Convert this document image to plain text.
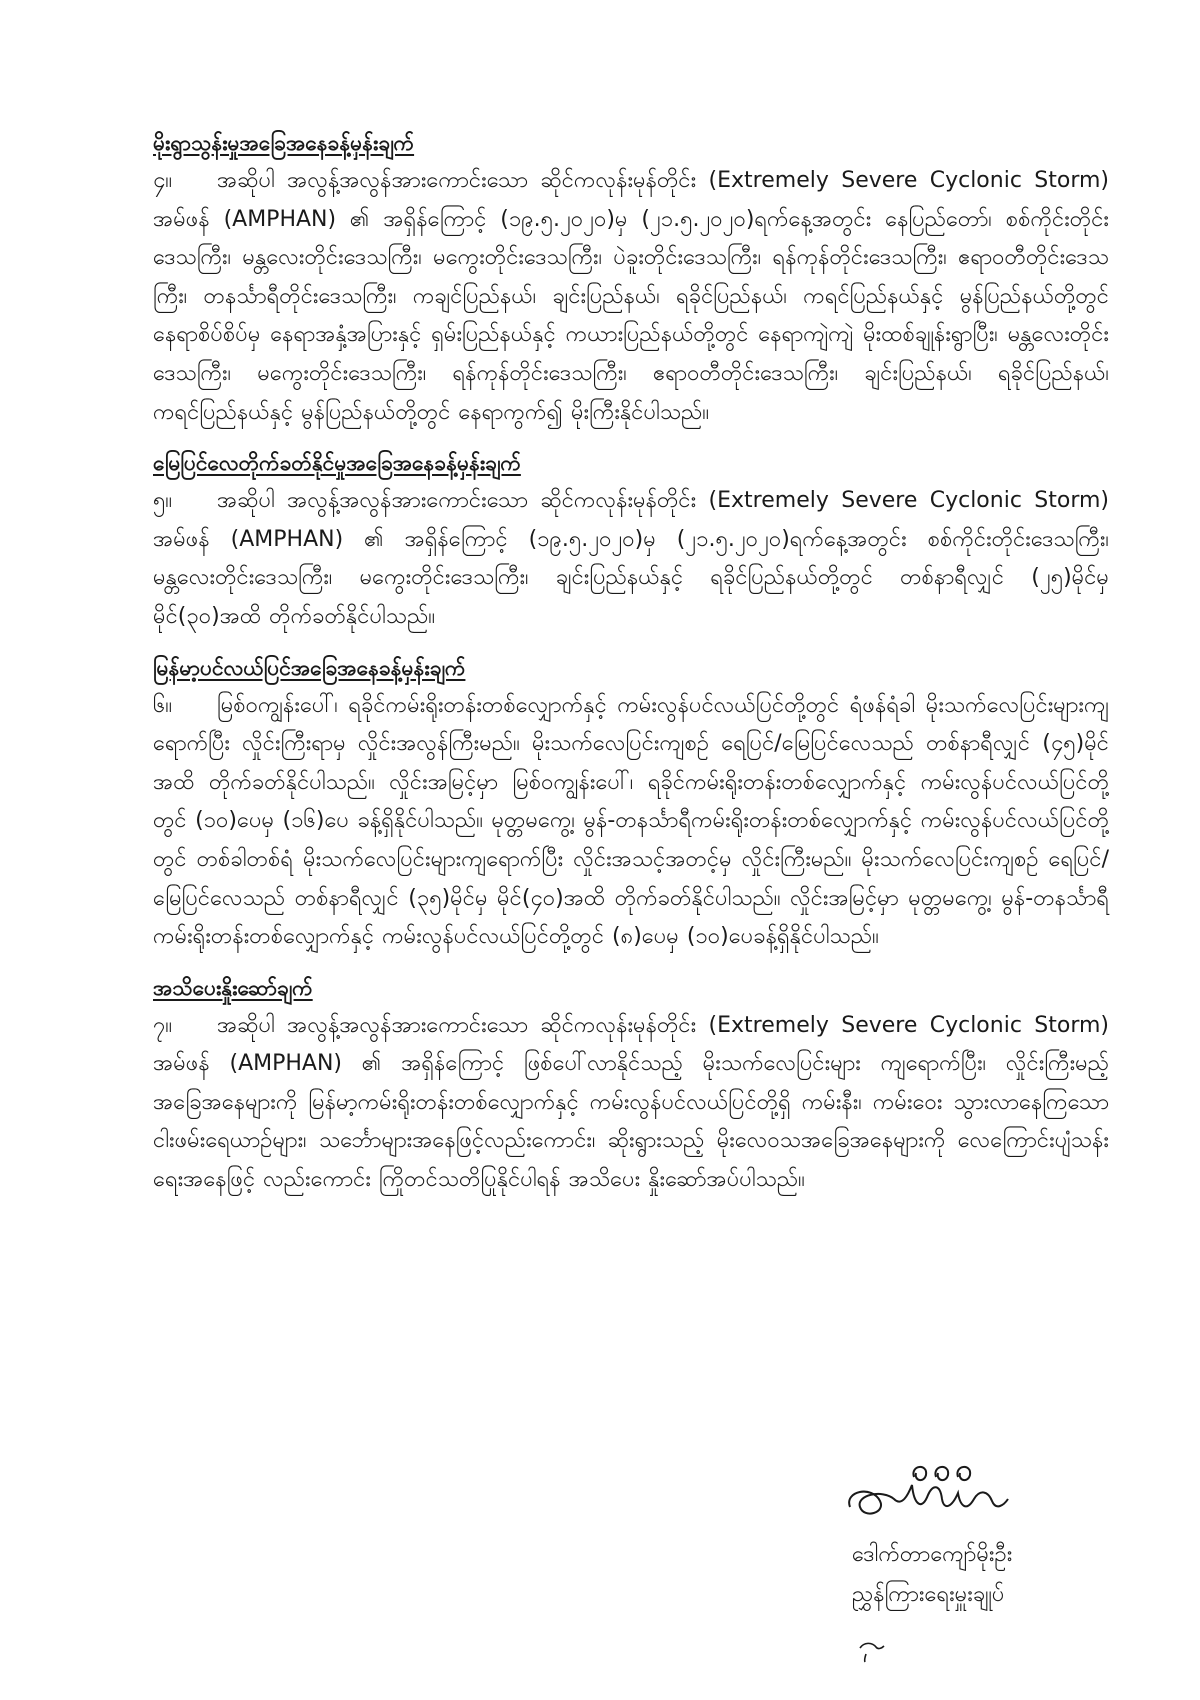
မိုးရွာသွန်းမှုအခြေအနေခန့်မှန်းချက်

၄။ အဆိုပါ အလွန့်အလွန်အားကောင်းသော ဆိုင်ကလုန်းမုန်တိုင်း (Extremely Severe Cyclonic Storm) အမ်ဖန် (AMPHAN) ၏ အရှိန်ကြောင့် (၁၉.၅.၂၀၂၀)မှ (၂၁.၅.၂၀၂၀)ရက်နေ့အတွင်း နေပြည်တော်၊ စစ်ကိုင်းတိုင်းဒေသကြီး၊ မန္တလေးတိုင်းဒေသကြီး၊ မကွေးတိုင်းဒေသကြီး၊ ပဲခူးတိုင်းဒေသကြီး၊ ရန်ကုန်တိုင်းဒေသကြီး၊ ဧရာဝတီတိုင်းဒေသကြီး၊ တနင်္သာရီတိုင်းဒေသကြီး၊ ကချင်ပြည်နယ်၊ ချင်းပြည်နယ်၊ ရခိုင်ပြည်နယ်၊ ကရင်ပြည်နယ်နှင့် မွန်ပြည်နယ်တို့တွင် နေရာစိပ်စိပ်မှ နေရာအနှံ့အပြားနှင့် ရှမ်းပြည်နယ်နှင့် ကယားပြည်နယ်တို့တွင် နေရာကျဲကျဲ မိုးထစ်ချုန်းရွာပြီး၊ မန္တလေးတိုင်းဒေသကြီး၊ မကွေးတိုင်းဒေသကြီး၊ ရန်ကုန်တိုင်းဒေသကြီး၊ ဧရာဝတီတိုင်းဒေသကြီး၊ ချင်းပြည်နယ်၊ ရခိုင်ပြည်နယ်၊ ကရင်ပြည်နယ်နှင့် မွန်ပြည်နယ်တို့တွင် နေရာကွက်၍ မိုးကြီးနိုင်ပါသည်။

မြေပြင်လေတိုက်ခတ်နိုင်မှုအခြေအနေခန့်မှန်းချက်

၅။ အဆိုပါ အလွန့်အလွန်အားကောင်းသော ဆိုင်ကလုန်းမုန်တိုင်း (Extremely Severe Cyclonic Storm) အမ်ဖန် (AMPHAN) ၏ အရှိန်ကြောင့် (၁၉.၅.၂၀၂၀)မှ (၂၁.၅.၂၀၂၀)ရက်နေ့အတွင်း စစ်ကိုင်းတိုင်းဒေသကြီး၊ မန္တလေးတိုင်းဒေသကြီး၊ မကွေးတိုင်းဒေသကြီး၊ ချင်းပြည်နယ်နှင့် ရခိုင်ပြည်နယ်တို့တွင် တစ်နာရီလျှင် (၂၅)မိုင်မှ မိုင်(၃၀)အထိ တိုက်ခတ်နိုင်ပါသည်။

မြန်မာ့ပင်လယ်ပြင်အခြေအနေခန့်မှန်းချက်

၆။ မြစ်ဝကျွန်းပေါ်၊ ရခိုင်ကမ်းရိုးတန်းတစ်လျှောက်နှင့် ကမ်းလွန်ပင်လယ်ပြင်တို့တွင် ရံဖန်ရံခါ မိုးသက်လေပြင်းများကျရောက်ပြီး လှိုင်းကြီးရာမှ လှိုင်းအလွန်ကြီးမည်။ မိုးသက်လေပြင်းကျစဉ် ရေပြင်/မြေပြင်လေသည် တစ်နာရီလျှင် (၄၅)မိုင်အထိ တိုက်ခတ်နိုင်ပါသည်။ လှိုင်းအမြင့်မှာ မြစ်ဝကျွန်းပေါ်၊ ရခိုင်ကမ်းရိုးတန်းတစ်လျှောက်နှင့် ကမ်းလွန်ပင်လယ်ပြင်တို့တွင် (၁၀)ပေမှ (၁၆)ပေ ခန့်ရှိနိုင်ပါသည်။ မုတ္တမကွေ့၊ မွန်-တနင်္သာရီကမ်းရိုးတန်းတစ်လျှောက်နှင့် ကမ်းလွန်ပင်လယ်ပြင်တို့တွင် တစ်ခါတစ်ရံ မိုးသက်လေပြင်းများကျရောက်ပြီး လှိုင်းအသင့်အတင့်မှ လှိုင်းကြီးမည်။ မိုးသက်လေပြင်းကျစဉ် ရေပြင်/မြေပြင်လေသည် တစ်နာရီလျှင် (၃၅)မိုင်မှ မိုင်(၄၀)အထိ တိုက်ခတ်နိုင်ပါသည်။ လှိုင်းအမြင့်မှာ မုတ္တမကွေ့၊ မွန်-တနင်္သာရီကမ်းရိုးတန်းတစ်လျှောက်နှင့် ကမ်းလွန်ပင်လယ်ပြင်တို့တွင် (၈)ပေမှ (၁၀)ပေခန့်ရှိနိုင်ပါသည်။

အသိပေးနှိုးဆော်ချက်

၇။ အဆိုပါ အလွန့်အလွန်အားကောင်းသော ဆိုင်ကလုန်းမုန်တိုင်း (Extremely Severe Cyclonic Storm) အမ်ဖန် (AMPHAN) ၏ အရှိန်ကြောင့် ဖြစ်ပေါ်လာနိုင်သည့် မိုးသက်လေပြင်းများ ကျရောက်ပြီး၊ လှိုင်းကြီးမည့် အခြေအနေများကို မြန်မာ့ကမ်းရိုးတန်းတစ်လျှောက်နှင့် ကမ်းလွန်ပင်လယ်ပြင်တို့ရှိ ကမ်းနီး၊ ကမ်းဝေး သွားလာနေကြသော ငါးဖမ်းရေယာဉ်များ၊ သင်္ဘောများအနေဖြင့်လည်းကောင်း၊ ဆိုးရွားသည့် မိုးလေဝသအခြေအနေများကို လေကြောင်းပျံသန်းရေးအနေဖြင့် လည်းကောင်း ကြိုတင်သတိပြုနိုင်ပါရန် အသိပေး နှိုးဆော်အပ်ပါသည်။

ဒေါက်တာကျော်မိုးဦး
ညွှန်ကြားရေးမှူးချုပ်
